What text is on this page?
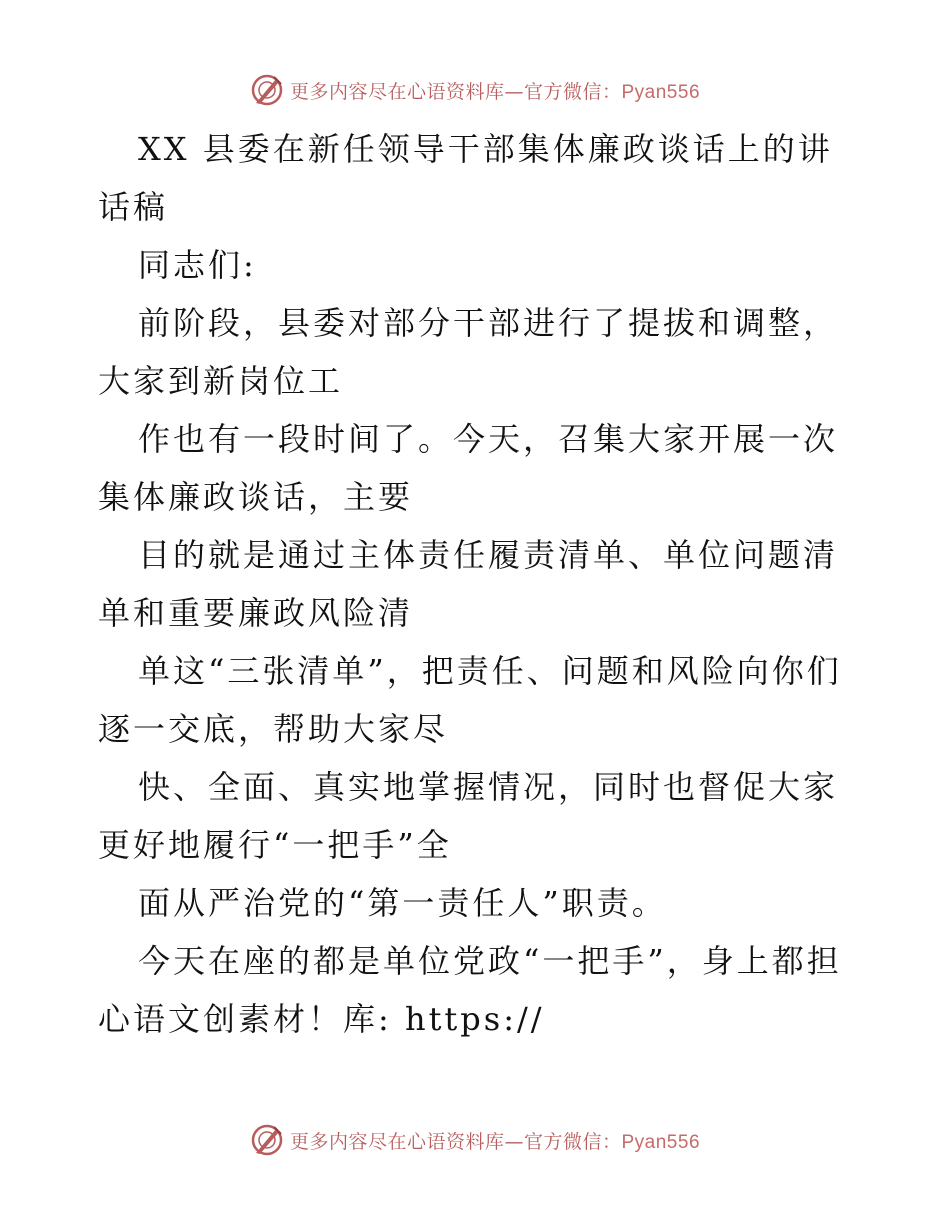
更多内容尽在心语资料库—官方微信：Pyan556

XX 县委在新任领导干部集体廉政谈话上的讲话稿

同志们:

前阶段，县委对部分干部进行了提拔和调整，大家到新岗位工

作也有一段时间了。今天，召集大家开展一次集体廉政谈话，主要

目的就是通过主体责任履责清单、单位问题清单和重要廉政风险清

单这“三张清单”，把责任、问题和风险向你们逐一交底，帮助大家尽

快、全面、真实地掌握情况，同时也督促大家更好地履行“一把手”全

面从严治党的“第一责任人”职责。

今天在座的都是单位党政“一把手”，身上都担心语文创素材！库: https://

更多内容尽在心语资料库—官方微信：Pyan556
